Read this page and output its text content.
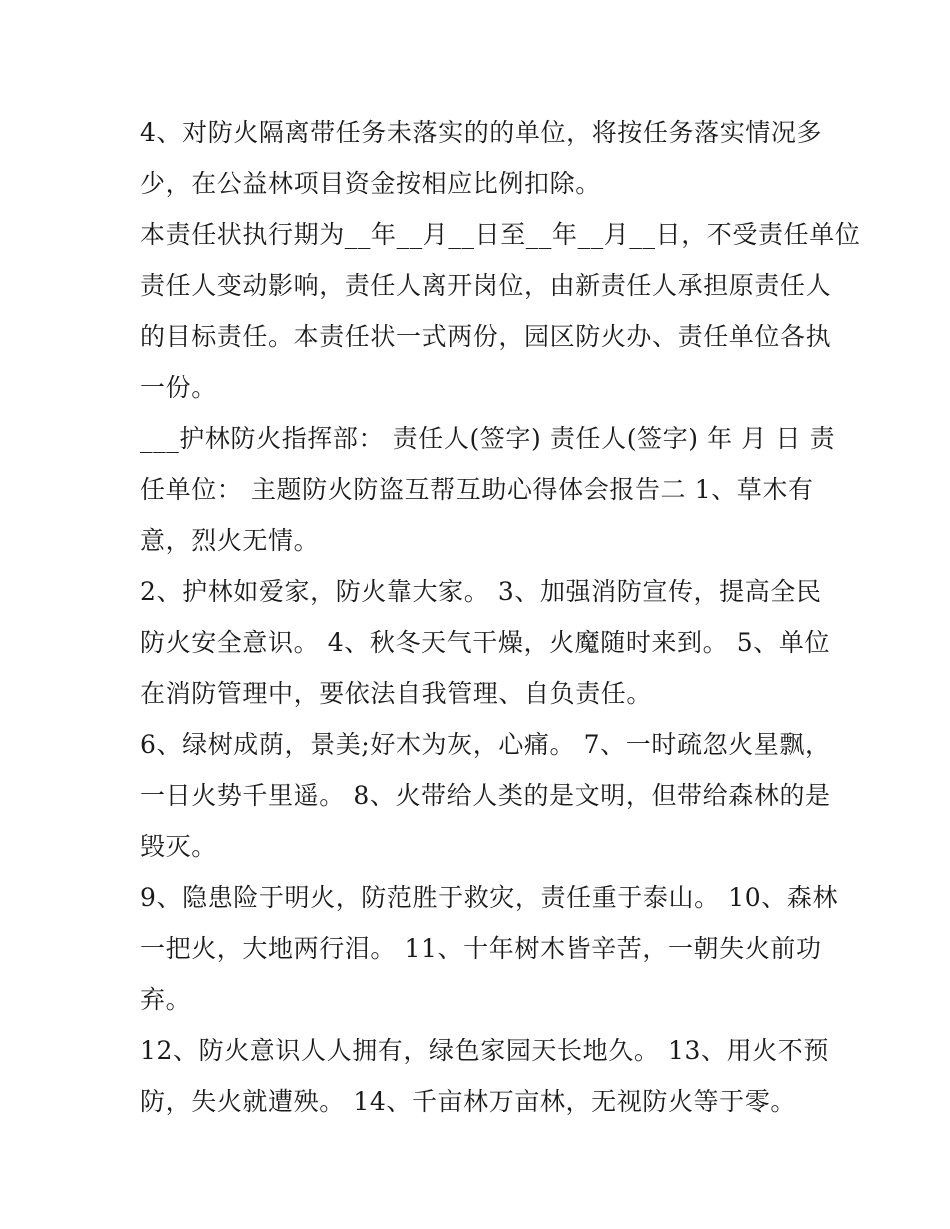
4、对防火隔离带任务未落实的的单位，将按任务落实情况多
少，在公益林项目资金按相应比例扣除。
本责任状执行期为__年__月__日至__年__月__日，不受责任单位
责任人变动影响，责任人离开岗位，由新责任人承担原责任人
的目标责任。本责任状一式两份，园区防火办、责任单位各执
一份。
___护林防火指挥部： 责任人(签字) 责任人(签字) 年 月 日 责
任单位： 主题防火防盗互帮互助心得体会报告二 1、草木有
意，烈火无情。
2、护林如爱家，防火靠大家。 3、加强消防宣传，提高全民
防火安全意识。 4、秋冬天气干燥，火魔随时来到。 5、单位
在消防管理中，要依法自我管理、自负责任。
6、绿树成荫，景美;好木为灰，心痛。 7、一时疏忽火星飘，
一日火势千里遥。 8、火带给人类的是文明，但带给森林的是
毁灭。
9、隐患险于明火，防范胜于救灾，责任重于泰山。 10、森林
一把火，大地两行泪。 11、十年树木皆辛苦，一朝失火前功
弃。
12、防火意识人人拥有，绿色家园天长地久。 13、用火不预
防，失火就遭殃。 14、千亩林万亩林，无视防火等于零。
